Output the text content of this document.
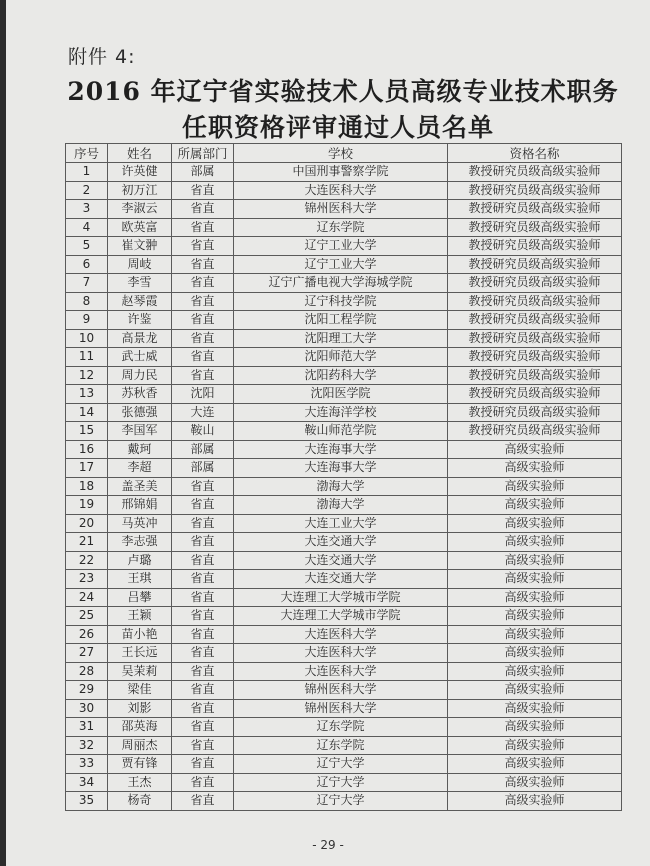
附件 4:
2016 年辽宁省实验技术人员高级专业技术职务
任职资格评审通过人员名单
序号	姓名	所属部门	学校	资格名称
1	许英健	部属	中国刑事警察学院	教授研究员级高级实验师
2	初万江	省直	大连医科大学	教授研究员级高级实验师
3	李淑云	省直	锦州医科大学	教授研究员级高级实验师
4	欧英富	省直	辽东学院	教授研究员级高级实验师
5	崔文翀	省直	辽宁工业大学	教授研究员级高级实验师
6	周岐	省直	辽宁工业大学	教授研究员级高级实验师
7	李雪	省直	辽宁广播电视大学海城学院	教授研究员级高级实验师
8	赵琴霞	省直	辽宁科技学院	教授研究员级高级实验师
9	许鉴	省直	沈阳工程学院	教授研究员级高级实验师
10	高景龙	省直	沈阳理工大学	教授研究员级高级实验师
11	武士威	省直	沈阳师范大学	教授研究员级高级实验师
12	周力民	省直	沈阳药科大学	教授研究员级高级实验师
13	苏秋香	沈阳	沈阳医学院	教授研究员级高级实验师
14	张德强	大连	大连海洋学校	教授研究员级高级实验师
15	李国军	鞍山	鞍山师范学院	教授研究员级高级实验师
16	戴珂	部属	大连海事大学	高级实验师
17	李超	部属	大连海事大学	高级实验师
18	盖圣美	省直	渤海大学	高级实验师
19	邢锦娟	省直	渤海大学	高级实验师
20	马英冲	省直	大连工业大学	高级实验师
21	李志强	省直	大连交通大学	高级实验师
22	卢璐	省直	大连交通大学	高级实验师
23	王琪	省直	大连交通大学	高级实验师
24	吕攀	省直	大连理工大学城市学院	高级实验师
25	王颖	省直	大连理工大学城市学院	高级实验师
26	苗小艳	省直	大连医科大学	高级实验师
27	王长远	省直	大连医科大学	高级实验师
28	吴茉莉	省直	大连医科大学	高级实验师
29	梁佳	省直	锦州医科大学	高级实验师
30	刘影	省直	锦州医科大学	高级实验师
31	邵英海	省直	辽东学院	高级实验师
32	周丽杰	省直	辽东学院	高级实验师
33	贾有锋	省直	辽宁大学	高级实验师
34	王杰	省直	辽宁大学	高级实验师
35	杨奇	省直	辽宁大学	高级实验师
- 29 -
